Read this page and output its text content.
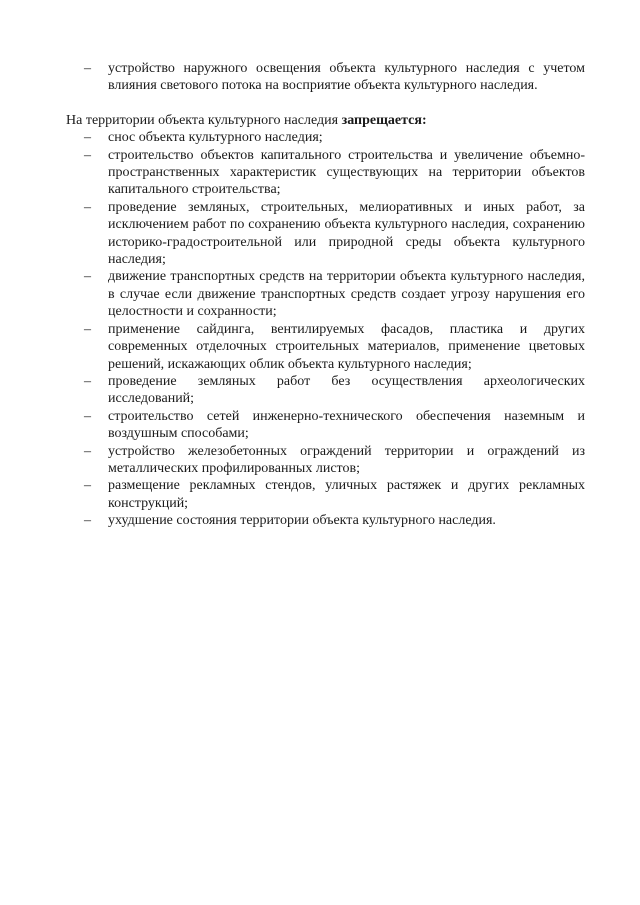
– устройство наружного освещения объекта культурного наследия с учетом влияния светового потока на восприятие объекта культурного наследия.

На территории объекта культурного наследия запрещается:

– снос объекта культурного наследия;

– строительство объектов капитального строительства и увеличение объемно-пространственных характеристик существующих на территории объектов капитального строительства;

– проведение земляных, строительных, мелиоративных и иных работ, за исключением работ по сохранению объекта культурного наследия, сохранению историко-градостроительной или природной среды объекта культурного наследия;

– движение транспортных средств на территории объекта культурного наследия, в случае если движение транспортных средств создает угрозу нарушения его целостности и сохранности;

– применение сайдинга, вентилируемых фасадов, пластика и других современных отделочных строительных материалов, применение цветовых решений, искажающих облик объекта культурного наследия;

– проведение земляных работ без осуществления археологических исследований;

– строительство сетей инженерно-технического обеспечения наземным и воздушным способами;

– устройство железобетонных ограждений территории и ограждений из металлических профилированных листов;

– размещение рекламных стендов, уличных растяжек и других рекламных конструкций;

– ухудшение состояния территории объекта культурного наследия.
